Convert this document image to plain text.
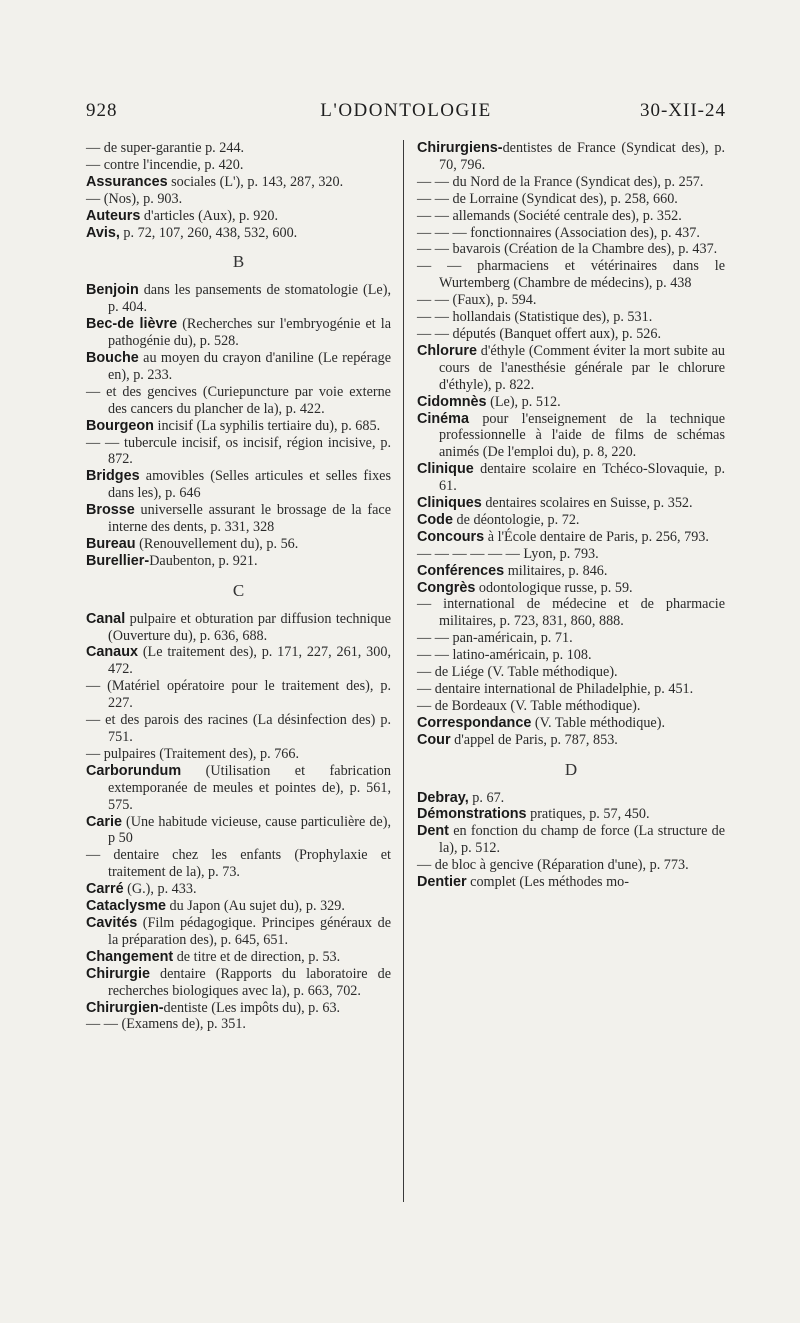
928	L'ODONTOLOGIE	30-XII-24

— de super-garantie p. 244.

— contre l'incendie, p. 420.

Assurances sociales (L'), p. 143, 287, 320.

— (Nos), p. 903.

Auteurs d'articles (Aux), p. 920.

Avis, p. 72, 107, 260, 438, 532, 600.

B

Benjoin dans les pansements de stomatologie (Le), p. 404.

Bec-de lièvre (Recherches sur l'embryogénie et la pathogénie du), p. 528.

Bouche au moyen du crayon d'aniline (Le repérage en), p. 233.

— et des gencives (Curiepuncture par voie externe des cancers du plancher de la), p. 422.

Bourgeon incisif (La syphilis tertiaire du), p. 685.

— — tubercule incisif, os incisif, région incisive, p. 872.

Bridges amovibles (Selles articules et selles fixes dans les), p. 646

Brosse universelle assurant le brossage de la face interne des dents, p. 331, 328

Bureau (Renouvellement du), p. 56.

Burellier-Daubenton, p. 921.

C

Canal pulpaire et obturation par diffusion technique (Ouverture du), p. 636, 688.

Canaux (Le traitement des), p. 171, 227, 261, 300, 472.

— (Matériel opératoire pour le traitement des), p. 227.

— et des parois des racines (La désinfection des) p. 751.

— pulpaires (Traitement des), p. 766.

Carborundum (Utilisation et fabrication extemporanée de meules et pointes de), p. 561, 575.

Carie (Une habitude vicieuse, cause particulière de), p 50

— dentaire chez les enfants (Prophylaxie et traitement de la), p. 73.

Carré (G.), p. 433.

Cataclysme du Japon (Au sujet du), p. 329.

Cavités (Film pédagogique. Principes généraux de la préparation des), p. 645, 651.

Changement de titre et de direction, p. 53.

Chirurgie dentaire (Rapports du laboratoire de recherches biologiques avec la), p. 663, 702.

Chirurgien-dentiste (Les impôts du), p. 63.

— — (Examens de), p. 351.

Chirurgiens-dentistes de France (Syndicat des), p. 70, 796.

— — du Nord de la France (Syndicat des), p. 257.

— — de Lorraine (Syndicat des), p. 258, 660.

— — allemands (Société centrale des), p. 352.

— — — fonctionnaires (Association des), p. 437.

— — bavarois (Création de la Chambre des), p. 437.

— — pharmaciens et vétérinaires dans le Wurtemberg (Chambre de médecins), p. 438

— — (Faux), p. 594.

— — hollandais (Statistique des), p. 531.

— — députés (Banquet offert aux), p. 526.

Chlorure d'éthyle (Comment éviter la mort subite au cours de l'anesthésie générale par le chlorure d'éthyle), p. 822.

Cidomnès (Le), p. 512.

Cinéma pour l'enseignement de la technique professionnelle à l'aide de films de schémas animés (De l'emploi du), p. 8, 220.

Clinique dentaire scolaire en Tchéco-Slovaquie, p. 61.

Cliniques dentaires scolaires en Suisse, p. 352.

Code de déontologie, p. 72.

Concours à l'École dentaire de Paris, p. 256, 793.

— — — — — — Lyon, p. 793.

Conférences militaires, p. 846.

Congrès odontologique russe, p. 59.

— international de médecine et de pharmacie militaires, p. 723, 831, 860, 888.

— — pan-américain, p. 71.

— — latino-américain, p. 108.

— de Liége (V. Table méthodique).

— dentaire international de Philadelphie, p. 451.

— de Bordeaux (V. Table méthodique).

Correspondance (V. Table méthodique).

Cour d'appel de Paris, p. 787, 853.

D

Debray, p. 67.

Démonstrations pratiques, p. 57, 450.

Dent en fonction du champ de force (La structure de la), p. 512.

— de bloc à gencive (Réparation d'une), p. 773.

Dentier complet (Les méthodes mo-
